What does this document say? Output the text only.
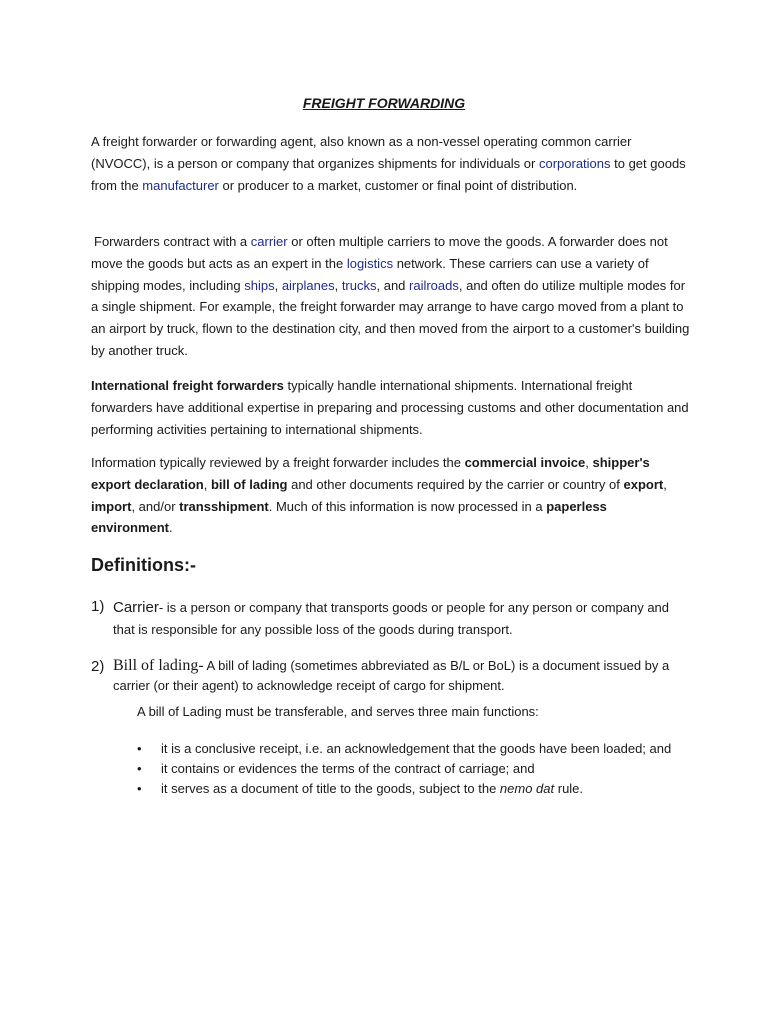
FREIGHT FORWARDING

A freight forwarder or forwarding agent, also known as a non-vessel operating common carrier (NVOCC), is a person or company that organizes shipments for individuals or corporations to get goods from the manufacturer or producer to a market, customer or final point of distribution.

Forwarders contract with a carrier or often multiple carriers to move the goods. A forwarder does not move the goods but acts as an expert in the logistics network. These carriers can use a variety of shipping modes, including ships, airplanes, trucks, and railroads, and often do utilize multiple modes for a single shipment. For example, the freight forwarder may arrange to have cargo moved from a plant to an airport by truck, flown to the destination city, and then moved from the airport to a customer's building by another truck.

International freight forwarders typically handle international shipments. International freight forwarders have additional expertise in preparing and processing customs and other documentation and performing activities pertaining to international shipments.

Information typically reviewed by a freight forwarder includes the commercial invoice, shipper's export declaration, bill of lading and other documents required by the carrier or country of export, import, and/or transshipment. Much of this information is now processed in a paperless environment.

Definitions:-
1) Carrier- is a person or company that transports goods or people for any person or company and that is responsible for any possible loss of the goods during transport.
2) Bill of lading- A bill of lading (sometimes abbreviated as B/L or BoL) is a document issued by a carrier (or their agent) to acknowledge receipt of cargo for shipment.
A bill of Lading must be transferable, and serves three main functions:
• it is a conclusive receipt, i.e. an acknowledgement that the goods have been loaded; and
• it contains or evidences the terms of the contract of carriage; and
• it serves as a document of title to the goods, subject to the nemo dat rule.
